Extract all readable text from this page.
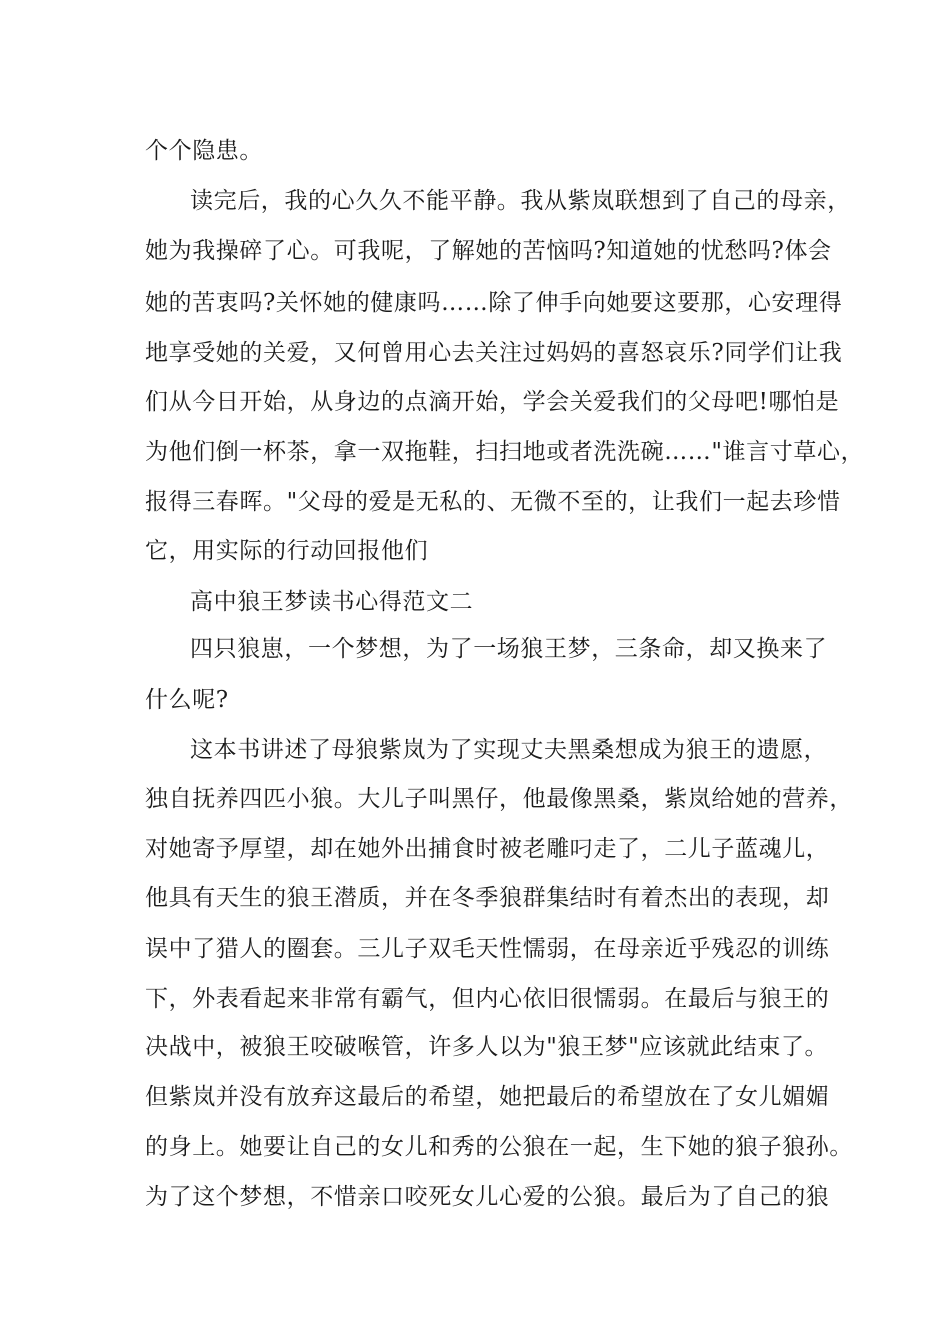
个个隐患。
读完后，我的心久久不能平静。我从紫岚联想到了自己的母亲，
她为我操碎了心。可我呢，了解她的苦恼吗?知道她的忧愁吗?体会
她的苦衷吗?关怀她的健康吗……除了伸手向她要这要那，心安理得
地享受她的关爱，又何曾用心去关注过妈妈的喜怒哀乐?同学们让我
们从今日开始，从身边的点滴开始，学会关爱我们的父母吧!哪怕是
为他们倒一杯茶，拿一双拖鞋，扫扫地或者洗洗碗……"谁言寸草心，
报得三春晖。"父母的爱是无私的、无微不至的，让我们一起去珍惜
它，用实际的行动回报他们
高中狼王梦读书心得范文二
四只狼崽，一个梦想，为了一场狼王梦，三条命，却又换来了
什么呢?
这本书讲述了母狼紫岚为了实现丈夫黑桑想成为狼王的遗愿，
独自抚养四匹小狼。大儿子叫黑仔，他最像黑桑，紫岚给她的营养，
对她寄予厚望，却在她外出捕食时被老雕叼走了，二儿子蓝魂儿，
他具有天生的狼王潜质，并在冬季狼群集结时有着杰出的表现，却
误中了猎人的圈套。三儿子双毛天性懦弱，在母亲近乎残忍的训练
下，外表看起来非常有霸气，但内心依旧很懦弱。在最后与狼王的
决战中，被狼王咬破喉管，许多人以为"狼王梦"应该就此结束了。
但紫岚并没有放弃这最后的希望，她把最后的希望放在了女儿媚媚
的身上。她要让自己的女儿和秀的公狼在一起，生下她的狼子狼孙。
为了这个梦想，不惜亲口咬死女儿心爱的公狼。最后为了自己的狼
